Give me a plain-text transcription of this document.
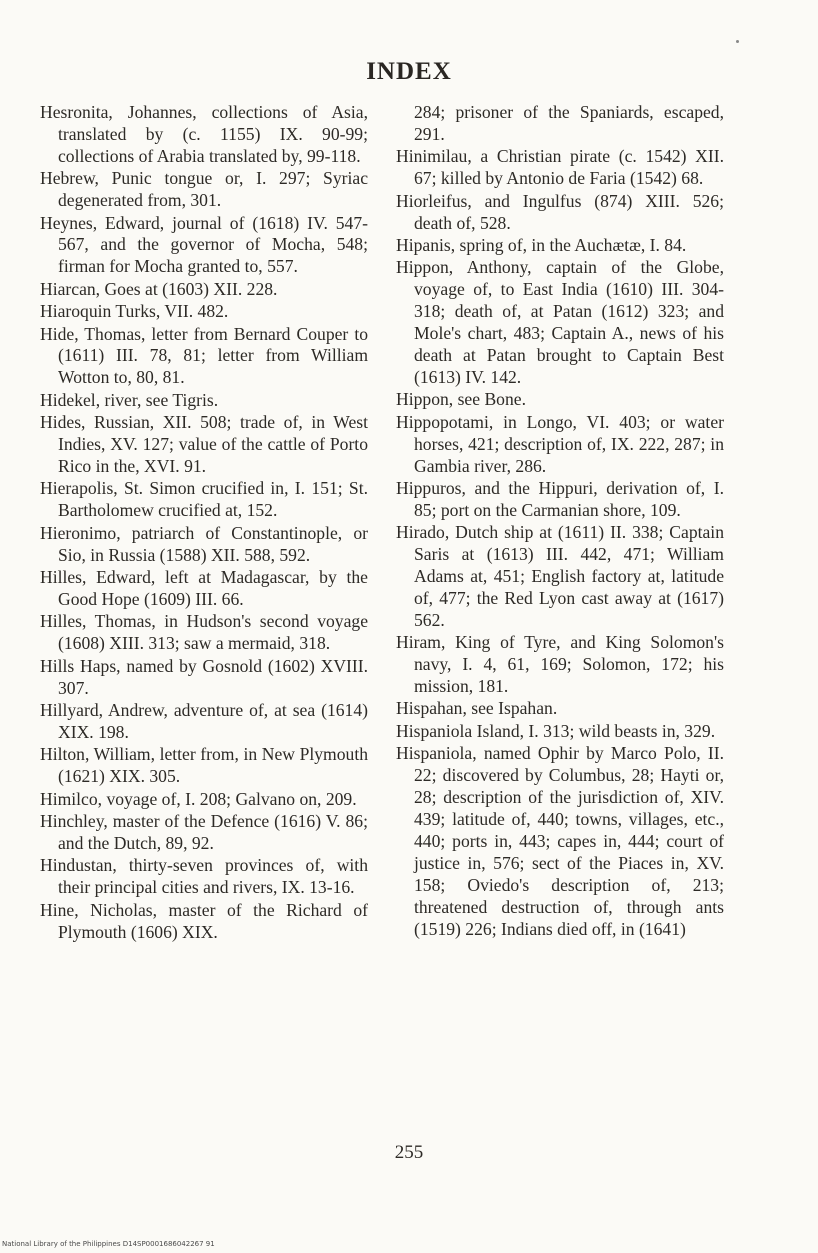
INDEX

Hesronita, Johannes, collections of Asia, translated by (c. 1155) IX. 90-99; collections of Arabia translated by, 99-118.

Hebrew, Punic tongue or, I. 297; Syriac degenerated from, 301.

Heynes, Edward, journal of (1618) IV. 547-567, and the governor of Mocha, 548; firman for Mocha granted to, 557.

Hiarcan, Goes at (1603) XII. 228.

Hiaroquin Turks, VII. 482.

Hide, Thomas, letter from Bernard Couper to (1611) III. 78, 81; letter from William Wotton to, 80, 81.

Hidekel, river, see Tigris.

Hides, Russian, XII. 508; trade of, in West Indies, XV. 127; value of the cattle of Porto Rico in the, XVI. 91.

Hierapolis, St. Simon crucified in, I. 151; St. Bartholomew crucified at, 152.

Hieronimo, patriarch of Constantinople, or Sio, in Russia (1588) XII. 588, 592.

Hilles, Edward, left at Madagascar, by the Good Hope (1609) III. 66.

Hilles, Thomas, in Hudson's second voyage (1608) XIII. 313; saw a mermaid, 318.

Hills Haps, named by Gosnold (1602) XVIII. 307.

Hillyard, Andrew, adventure of, at sea (1614) XIX. 198.

Hilton, William, letter from, in New Plymouth (1621) XIX. 305.

Himilco, voyage of, I. 208; Galvano on, 209.

Hinchley, master of the Defence (1616) V. 86; and the Dutch, 89, 92.

Hindustan, thirty-seven provinces of, with their principal cities and rivers, IX. 13-16.

Hine, Nicholas, master of the Richard of Plymouth (1606) XIX.

284; prisoner of the Spaniards, escaped, 291.

Hinimilau, a Christian pirate (c. 1542) XII. 67; killed by Antonio de Faria (1542) 68.

Hiorleifus, and Ingulfus (874) XIII. 526; death of, 528.

Hipanis, spring of, in the Auchætæ, I. 84.

Hippon, Anthony, captain of the Globe, voyage of, to East India (1610) III. 304-318; death of, at Patan (1612) 323; and Mole's chart, 483; Captain A., news of his death at Patan brought to Captain Best (1613) IV. 142.

Hippon, see Bone.

Hippopotami, in Longo, VI. 403; or water horses, 421; description of, IX. 222, 287; in Gambia river, 286.

Hippuros, and the Hippuri, derivation of, I. 85; port on the Carmanian shore, 109.

Hirado, Dutch ship at (1611) II. 338; Captain Saris at (1613) III. 442, 471; William Adams at, 451; English factory at, latitude of, 477; the Red Lyon cast away at (1617) 562.

Hiram, King of Tyre, and King Solomon's navy, I. 4, 61, 169; Solomon, 172; his mission, 181.

Hispahan, see Ispahan.

Hispaniola Island, I. 313; wild beasts in, 329.

Hispaniola, named Ophir by Marco Polo, II. 22; discovered by Columbus, 28; Hayti or, 28; description of the jurisdiction of, XIV. 439; latitude of, 440; towns, villages, etc., 440; ports in, 443; capes in, 444; court of justice in, 576; sect of the Piaces in, XV. 158; Oviedo's description of, 213; threatened destruction of, through ants (1519) 226; Indians died off, in (1641)

255
National Library of the Philippines D14SP0001686042267 91
